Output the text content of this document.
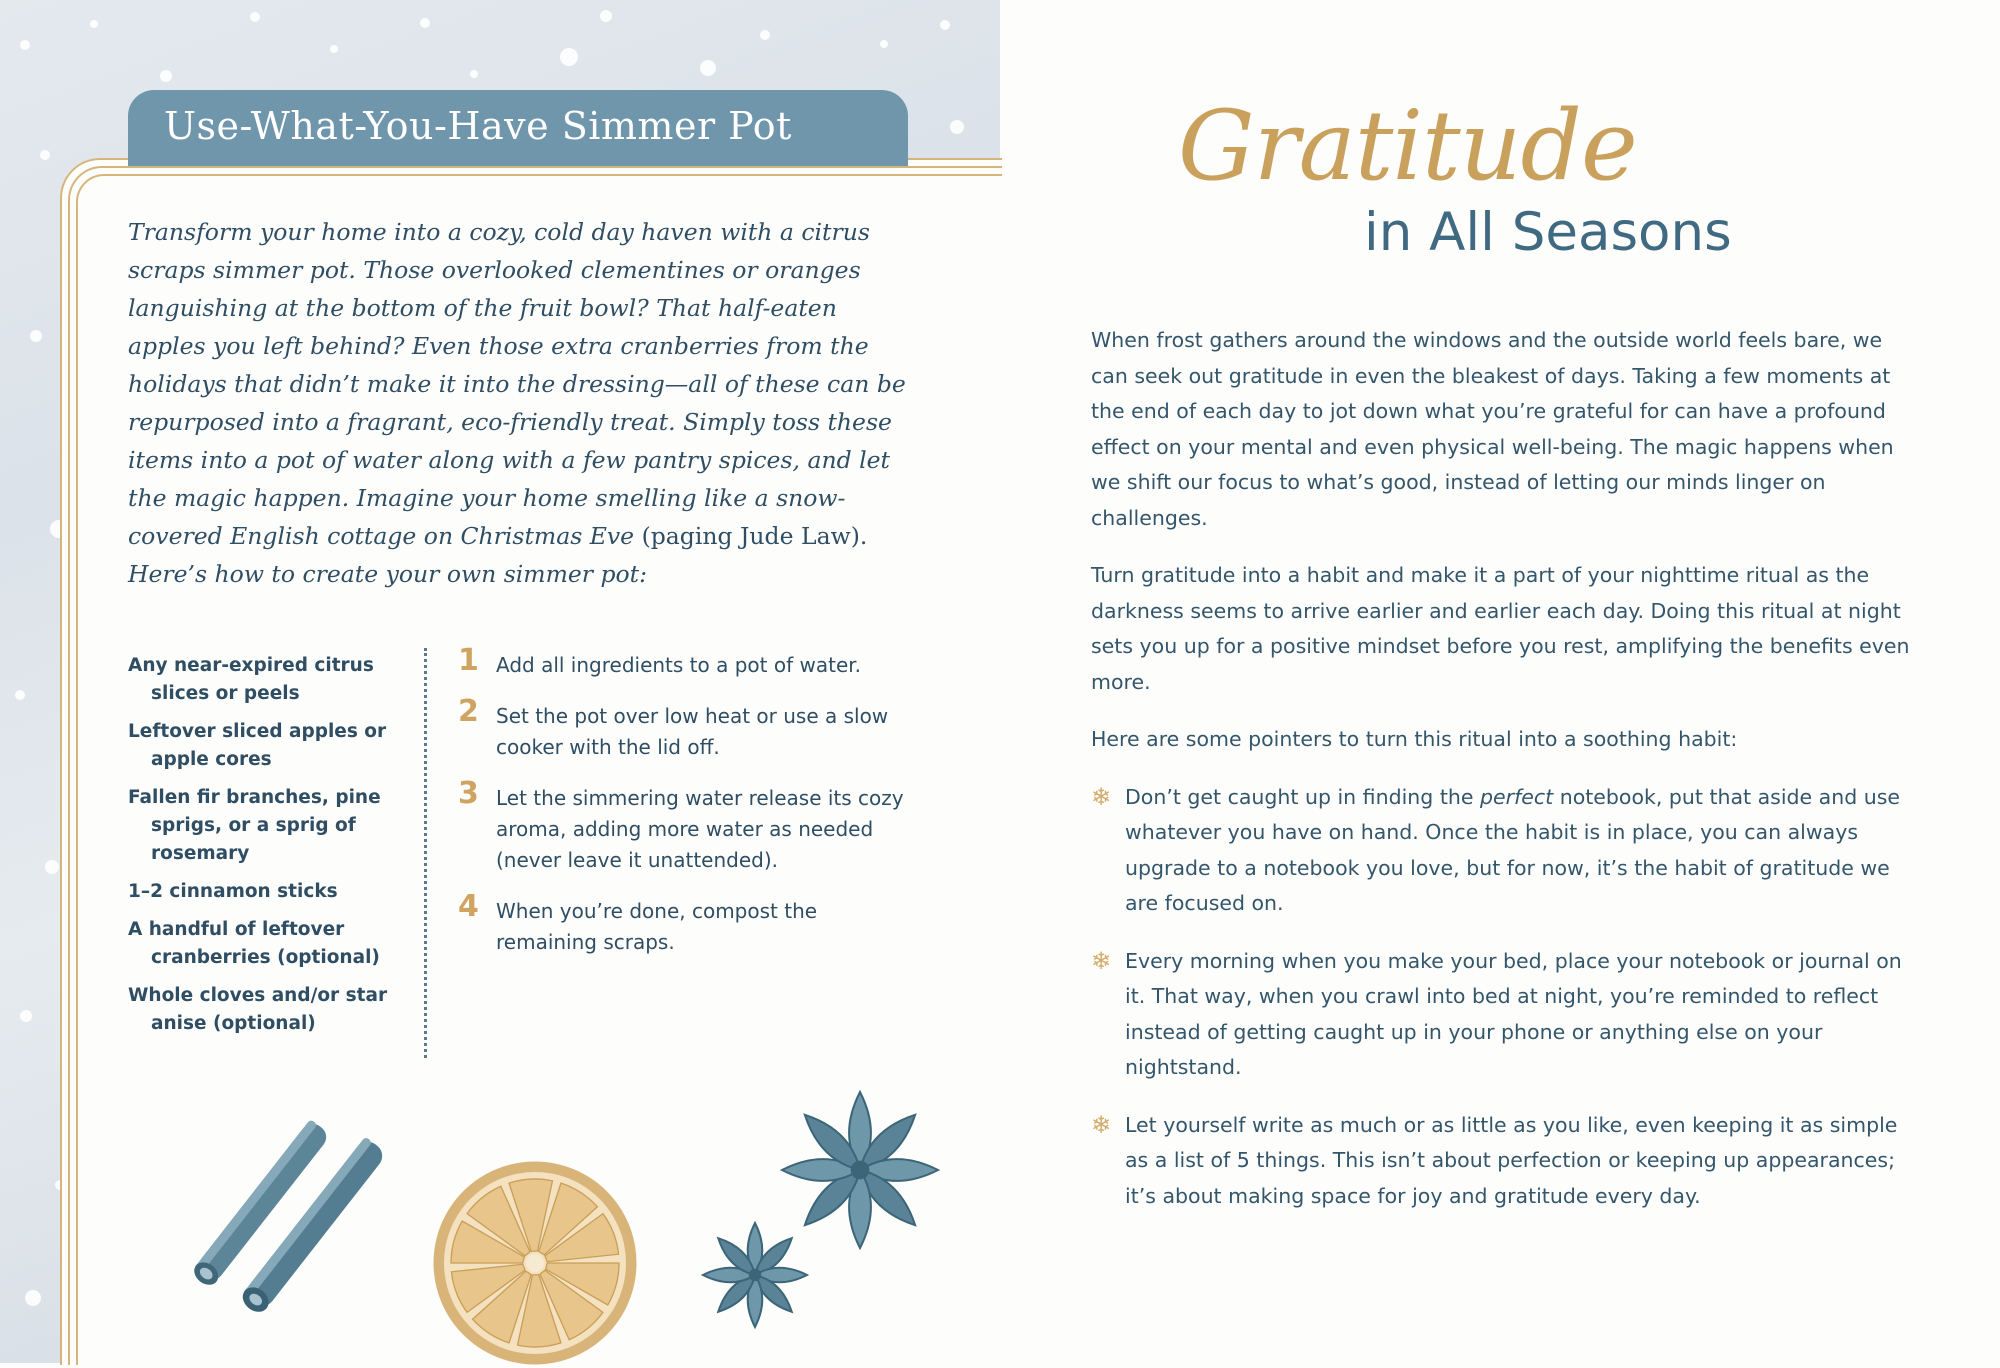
Use-What-You-Have Simmer Pot
Transform your home into a cozy, cold day haven with a citrus scraps simmer pot. Those overlooked clementines or oranges languishing at the bottom of the fruit bowl? That half-eaten apples you left behind? Even those extra cranberries from the holidays that didn’t make it into the dressing—all of these can be repurposed into a fragrant, eco-friendly treat. Simply toss these items into a pot of water along with a few pantry spices, and let the magic happen. Imagine your home smelling like a snow-covered English cottage on Christmas Eve (paging Jude Law). Here’s how to create your own simmer pot:
Any near-expired citrus slices or peels
Leftover sliced apples or apple cores
Fallen fir branches, pine sprigs, or a sprig of rosemary
1–2 cinnamon sticks
A handful of leftover cranberries (optional)
Whole cloves and/or star anise (optional)
1 Add all ingredients to a pot of water.
2 Set the pot over low heat or use a slow cooker with the lid off.
3 Let the simmering water release its cozy aroma, adding more water as needed (never leave it unattended).
4 When you’re done, compost the remaining scraps.
Gratitude
in All Seasons

When frost gathers around the windows and the outside world feels bare, we can seek out gratitude in even the bleakest of days. Taking a few moments at the end of each day to jot down what you’re grateful for can have a profound effect on your mental and even physical well-being. The magic happens when we shift our focus to what’s good, instead of letting our minds linger on challenges.

Turn gratitude into a habit and make it a part of your nighttime ritual as the darkness seems to arrive earlier and earlier each day. Doing this ritual at night sets you up for a positive mindset before you rest, amplifying the benefits even more.

Here are some pointers to turn this ritual into a soothing habit:

❄ Don’t get caught up in finding the perfect notebook, put that aside and use whatever you have on hand. Once the habit is in place, you can always upgrade to a notebook you love, but for now, it’s the habit of gratitude we are focused on.
❄ Every morning when you make your bed, place your notebook or journal on it. That way, when you crawl into bed at night, you’re reminded to reflect instead of getting caught up in your phone or anything else on your nightstand.
❄ Let yourself write as much or as little as you like, even keeping it as simple as a list of 5 things. This isn’t about perfection or keeping up appearances; it’s about making space for joy and gratitude every day.
